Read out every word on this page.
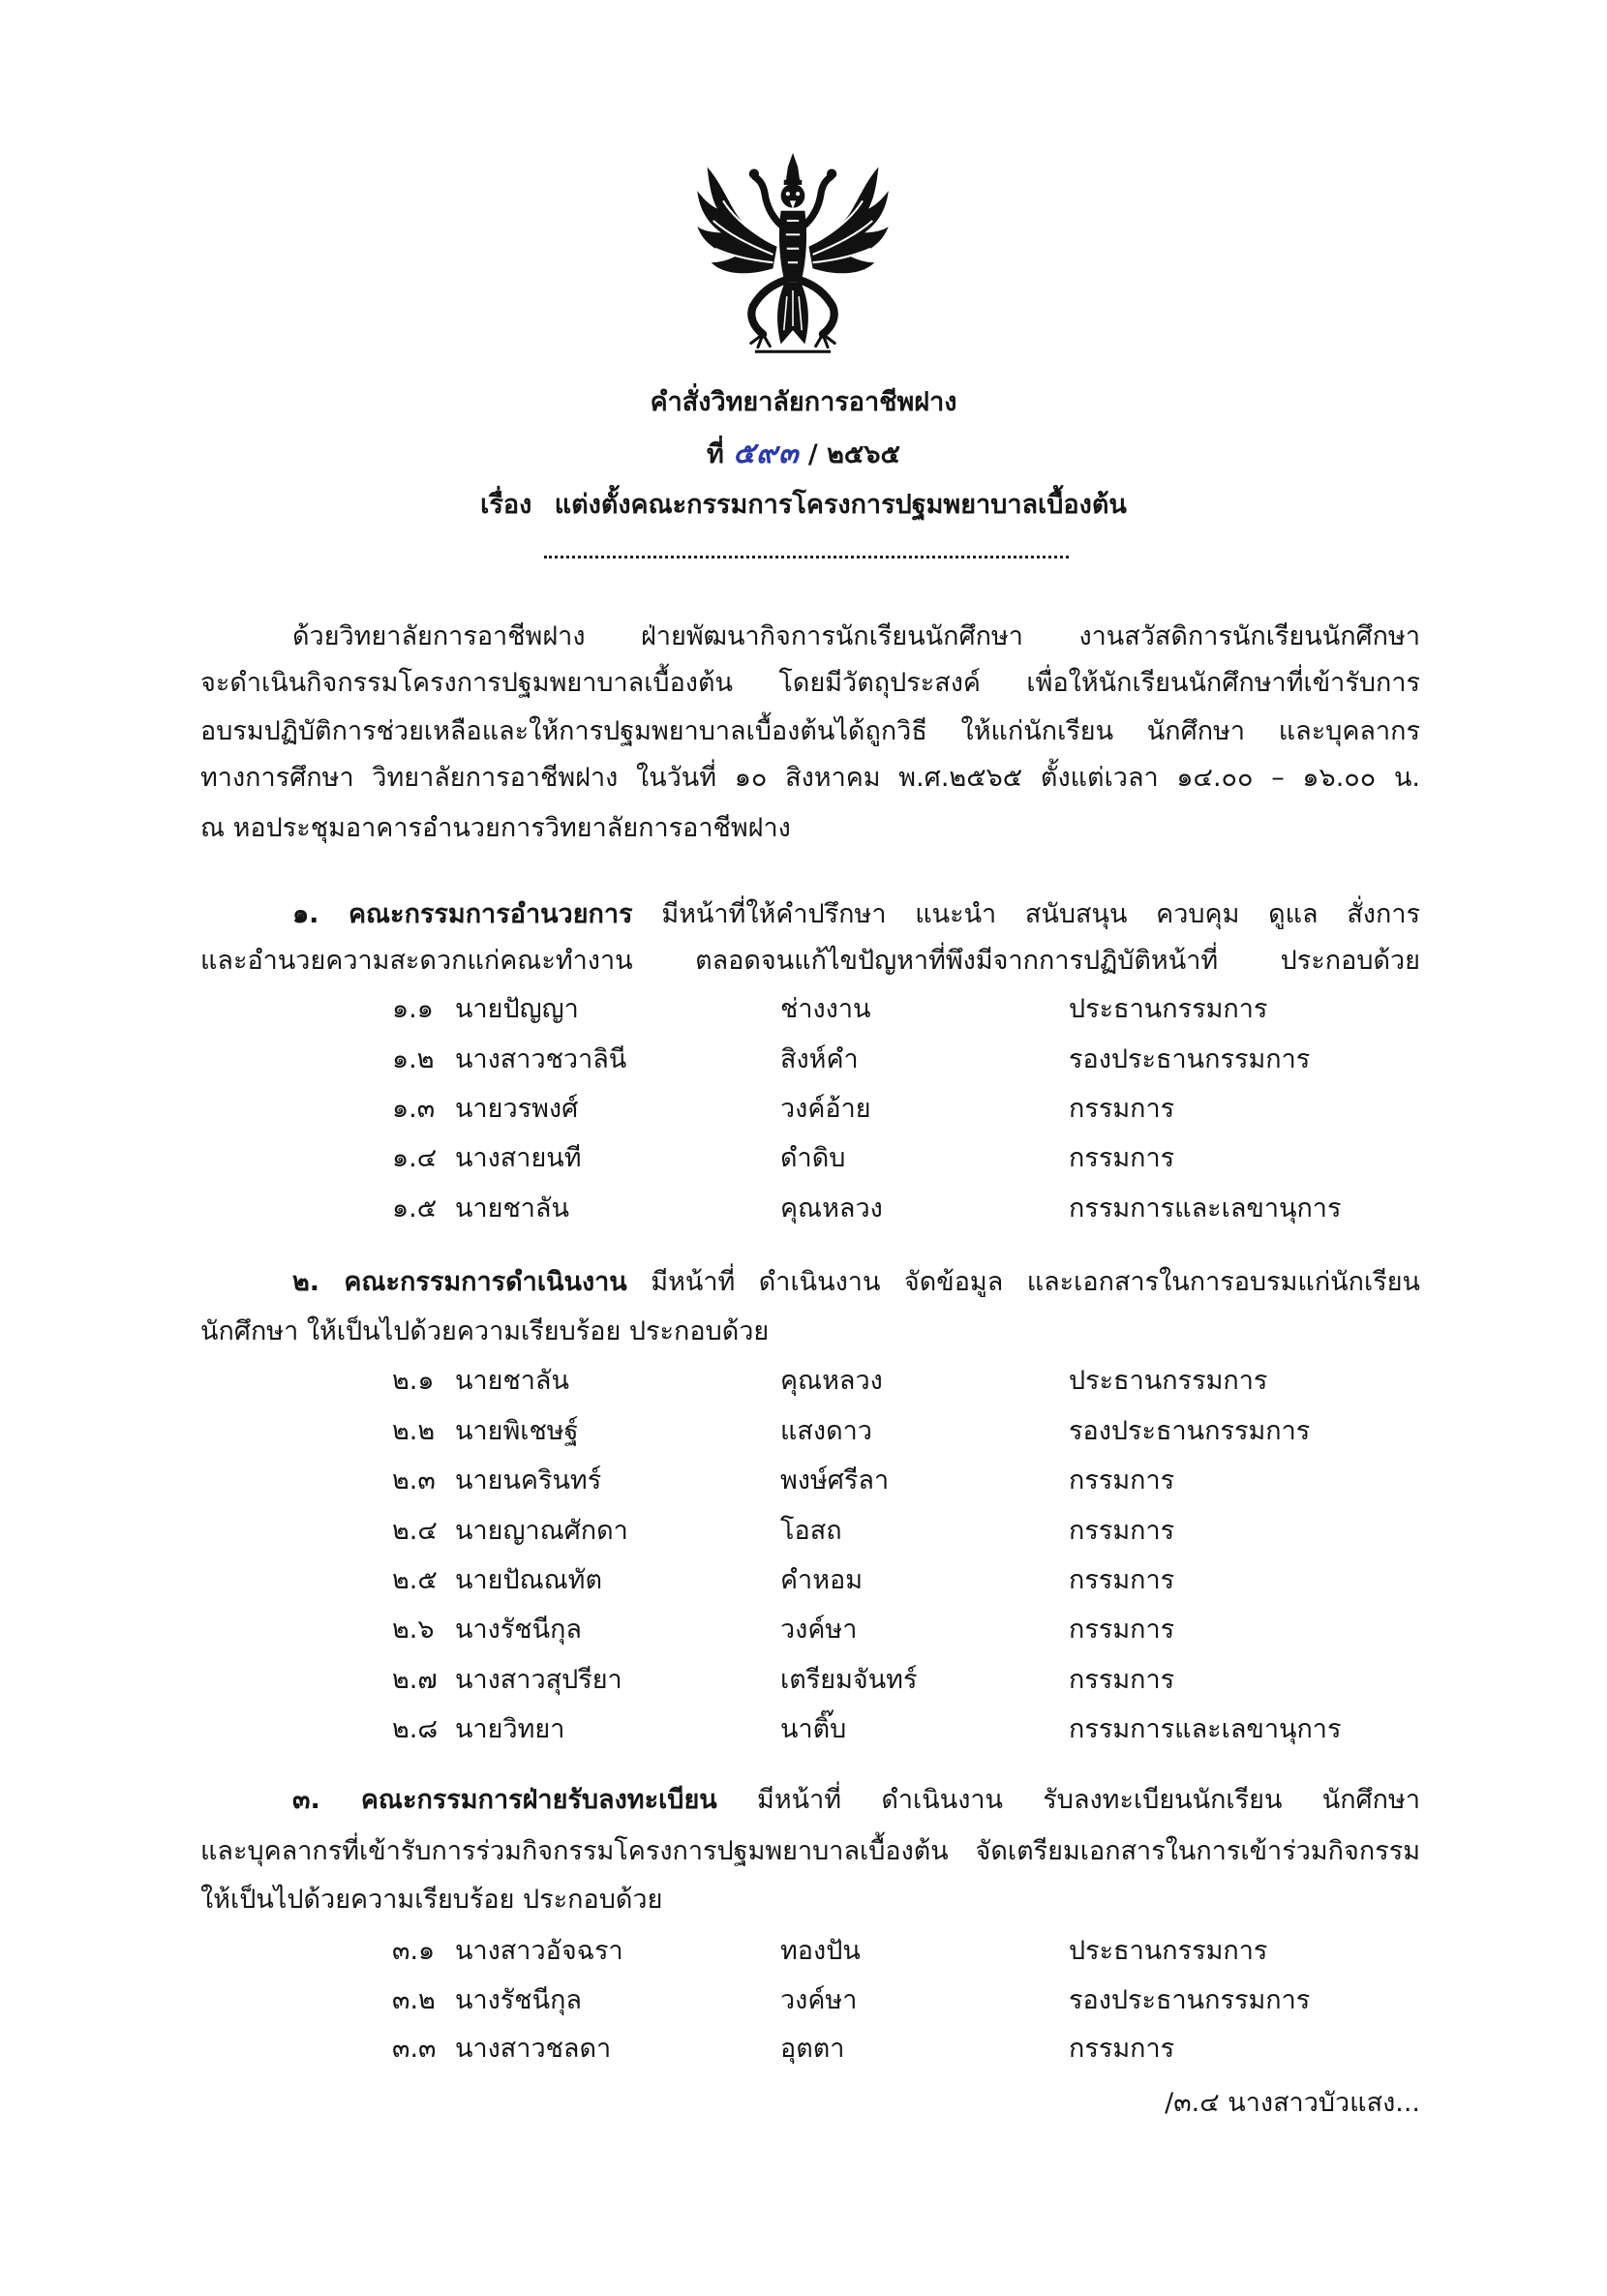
คำสั่งวิทยาลัยการอาชีพฝาง
ที่ ๕๙๓ / ๒๕๖๕
เรื่อง แต่งตั้งคณะกรรมการโครงการปฐมพยาบาลเบื้องต้น
ด้วยวิทยาลัยการอาชีพฝาง ฝ่ายพัฒนากิจการนักเรียนนักศึกษา งานสวัสดิการนักเรียนนักศึกษา
จะดำเนินกิจกรรมโครงการปฐมพยาบาลเบื้องต้น โดยมีวัตถุประสงค์ เพื่อให้นักเรียนนักศึกษาที่เข้ารับการ
อบรมปฏิบัติการช่วยเหลือและให้การปฐมพยาบาลเบื้องต้นได้ถูกวิธี ให้แก่นักเรียน นักศึกษา และบุคลากร
ทางการศึกษา วิทยาลัยการอาชีพฝาง ในวันที่ ๑๐ สิงหาคม พ.ศ.๒๕๖๕ ตั้งแต่เวลา ๑๔.๐๐ – ๑๖.๐๐ น.
ณ หอประชุมอาคารอำนวยการวิทยาลัยการอาชีพฝาง
๑. คณะกรรมการอำนวยการ มีหน้าที่ให้คำปรึกษา แนะนำ สนับสนุน ควบคุม ดูแล สั่งการ
และอำนวยความสะดวกแก่คณะทำงาน ตลอดจนแก้ไขปัญหาที่พึงมีจากการปฏิบัติหน้าที่ ประกอบด้วย
๑.๑ นายปัญญา	ช่างงาน	ประธานกรรมการ
๑.๒ นางสาวชวาลินี	สิงห์คำ	รองประธานกรรมการ
๑.๓ นายวรพงศ์	วงค์อ้าย	กรรมการ
๑.๔ นางสายนที	ดำดิบ	กรรมการ
๑.๕ นายชาลัน	คุณหลวง	กรรมการและเลขานุการ
๒. คณะกรรมการดำเนินงาน มีหน้าที่ ดำเนินงาน จัดข้อมูล และเอกสารในการอบรมแก่นักเรียน
นักศึกษา ให้เป็นไปด้วยความเรียบร้อย ประกอบด้วย
๒.๑ นายชาลัน	คุณหลวง	ประธานกรรมการ
๒.๒ นายพิเชษฐ์	แสงดาว	รองประธานกรรมการ
๒.๓ นายนครินทร์	พงษ์ศรีลา	กรรมการ
๒.๔ นายญาณศักดา	โอสถ	กรรมการ
๒.๕ นายปัณณทัต	คำหอม	กรรมการ
๒.๖ นางรัชนีกุล	วงค์ษา	กรรมการ
๒.๗ นางสาวสุปรียา	เตรียมจันทร์	กรรมการ
๒.๘ นายวิทยา	นาติ๊บ	กรรมการและเลขานุการ
๓. คณะกรรมการฝ่ายรับลงทะเบียน มีหน้าที่ ดำเนินงาน รับลงทะเบียนนักเรียน นักศึกษา
และบุคลากรที่เข้ารับการร่วมกิจกรรมโครงการปฐมพยาบาลเบื้องต้น จัดเตรียมเอกสารในการเข้าร่วมกิจกรรม
ให้เป็นไปด้วยความเรียบร้อย ประกอบด้วย
๓.๑ นางสาวอัจฉรา	ทองปัน	ประธานกรรมการ
๓.๒ นางรัชนีกุล	วงค์ษา	รองประธานกรรมการ
๓.๓ นางสาวชลดา	อุตตา	กรรมการ
/๓.๔ นางสาวบัวแสง...
